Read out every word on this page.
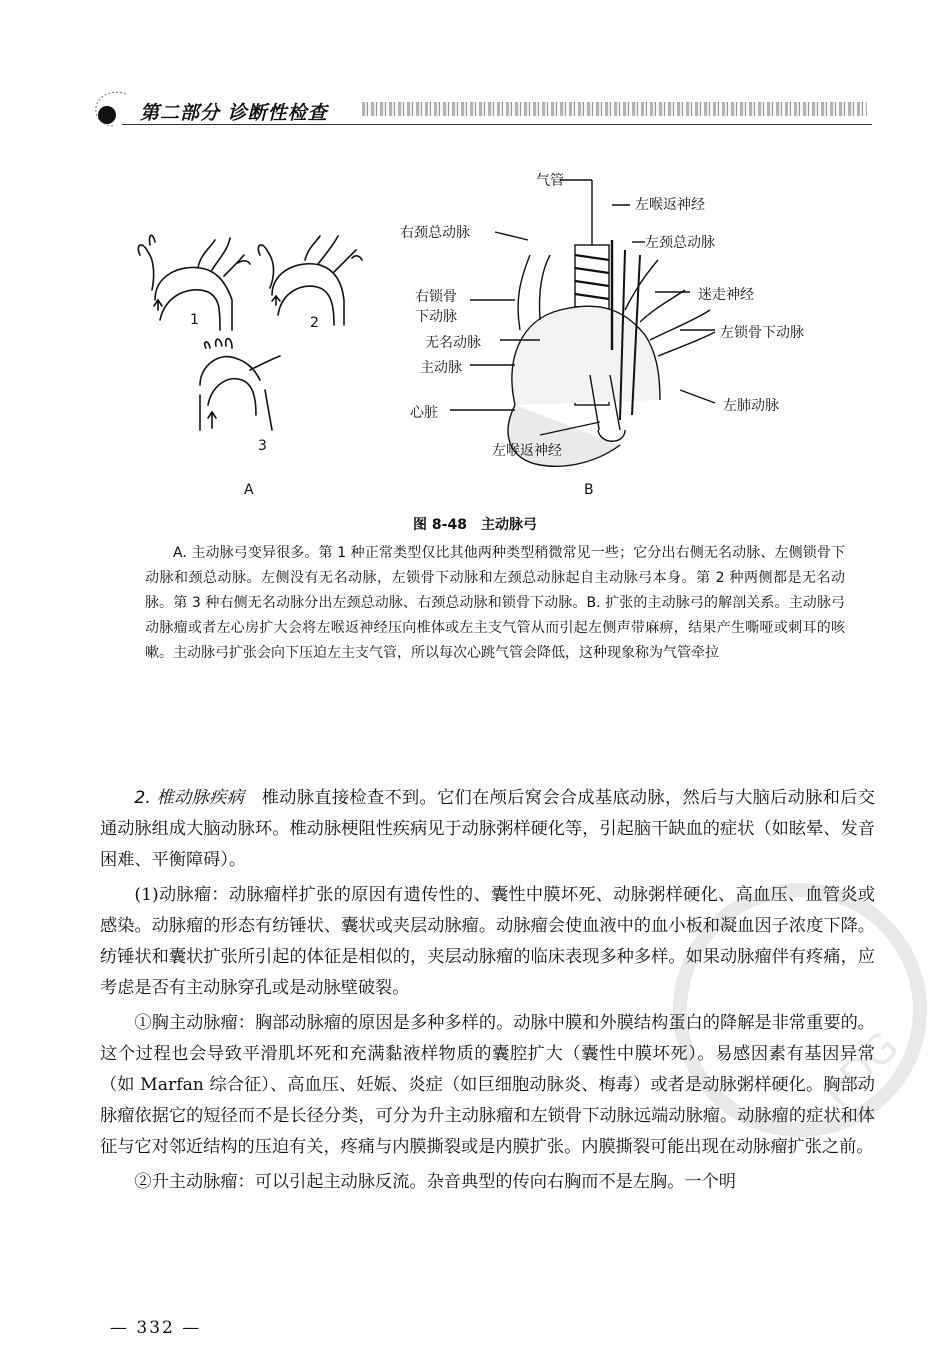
第二部分 诊断性检查
1	2
3
A	B
气管
左喉返神经
右颈总动脉
左颈总动脉
迷走神经
右锁骨
下动脉
左锁骨下动脉
无名动脉
主动脉
左肺动脉
心脏
左喉返神经
图 8-48　主动脉弓
A. 主动脉弓变异很多。第 1 种正常类型仅比其他两种类型稍微常见一些；它分出右侧无名动脉、左侧锁骨下动脉和颈总动脉。左侧没有无名动脉，左锁骨下动脉和左颈总动脉起自主动脉弓本身。第 2 种两侧都是无名动脉。第 3 种右侧无名动脉分出左颈总动脉、右颈总动脉和锁骨下动脉。B. 扩张的主动脉弓的解剖关系。主动脉弓动脉瘤或者左心房扩大会将左喉返神经压向椎体或左主支气管从而引起左侧声带麻痹，结果产生嘶哑或刺耳的咳嗽。主动脉弓扩张会向下压迫左主支气管，所以每次心跳气管会降低，这种现象称为气管牵拉

2. 椎动脉疾病　椎动脉直接检查不到。它们在颅后窝会合成基底动脉，然后与大脑后动脉和后交通动脉组成大脑动脉环。椎动脉梗阻性疾病见于动脉粥样硬化等，引起脑干缺血的症状（如眩晕、发音困难、平衡障碍）。

(1)动脉瘤：动脉瘤样扩张的原因有遗传性的、囊性中膜坏死、动脉粥样硬化、高血压、血管炎或感染。动脉瘤的形态有纺锤状、囊状或夹层动脉瘤。动脉瘤会使血液中的血小板和凝血因子浓度下降。纺锤状和囊状扩张所引起的体征是相似的，夹层动脉瘤的临床表现多种多样。如果动脉瘤伴有疼痛，应考虑是否有主动脉穿孔或是动脉壁破裂。

①胸主动脉瘤：胸部动脉瘤的原因是多种多样的。动脉中膜和外膜结构蛋白的降解是非常重要的。这个过程也会导致平滑肌坏死和充满黏液样物质的囊腔扩大（囊性中膜坏死）。易感因素有基因异常（如 Marfan 综合征）、高血压、妊娠、炎症（如巨细胞动脉炎、梅毒）或者是动脉粥样硬化。胸部动脉瘤依据它的短径而不是长径分类，可分为升主动脉瘤和左锁骨下动脉远端动脉瘤。动脉瘤的症状和体征与它对邻近结构的压迫有关，疼痛与内膜撕裂或是内膜扩张。内膜撕裂可能出现在动脉瘤扩张之前。

②升主动脉瘤：可以引起主动脉反流。杂音典型的传向右胸而不是左胸。一个明

— 332 —
PDG
